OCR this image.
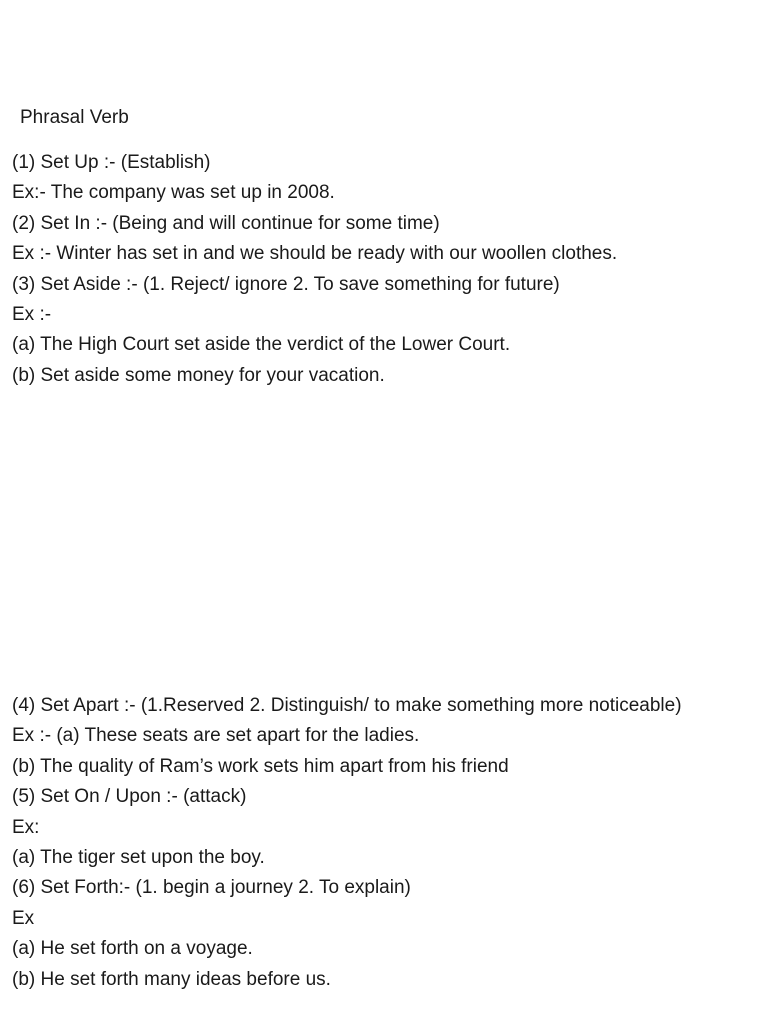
Phrasal Verb
(1) Set Up :- (Establish)
Ex:- The company was set up in 2008.
(2) Set In :- (Being and will continue for some time)
Ex :- Winter has set in and we should be ready with our woollen clothes.
(3) Set Aside :- (1. Reject/ ignore 2. To save something for future)
Ex :-
(a) The High Court set aside the verdict of the Lower Court.
(b) Set aside some money for your vacation.
(4) Set Apart :- (1.Reserved 2. Distinguish/ to make something more noticeable)
Ex :- (a) These seats are set apart for the ladies.
(b) The quality of Ram’s work sets him apart from his friend
(5) Set On / Upon :- (attack)
Ex:
(a) The tiger set upon the boy.
(6) Set Forth:- (1. begin a journey 2. To explain)
Ex
(a) He set forth on a voyage.
(b) He set forth many ideas before us.
